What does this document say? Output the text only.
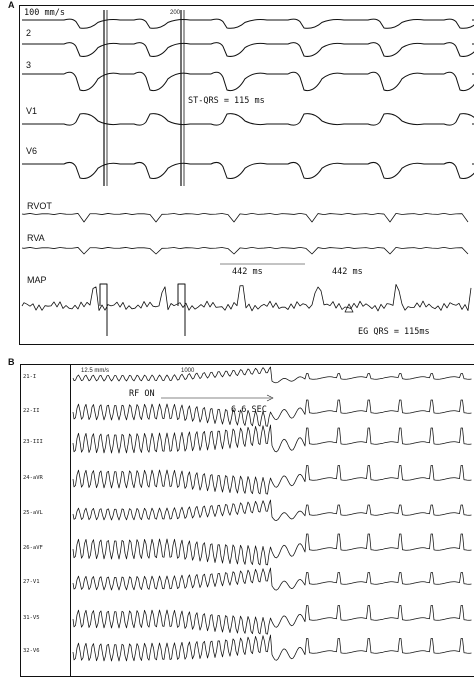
A
100 mm/s	200
2
3
V1
V6
RVOT
RVA
MAP
ST-QRS = 115 ms
442 ms	442 ms
EG QRS = 115ms
B
12.5 mm/s	1000
RF ON
6.6 SEC
21-I
22-II
23-III
24-aVR
25-aVL
26-aVF
27-V1
31-V5
32-V6
